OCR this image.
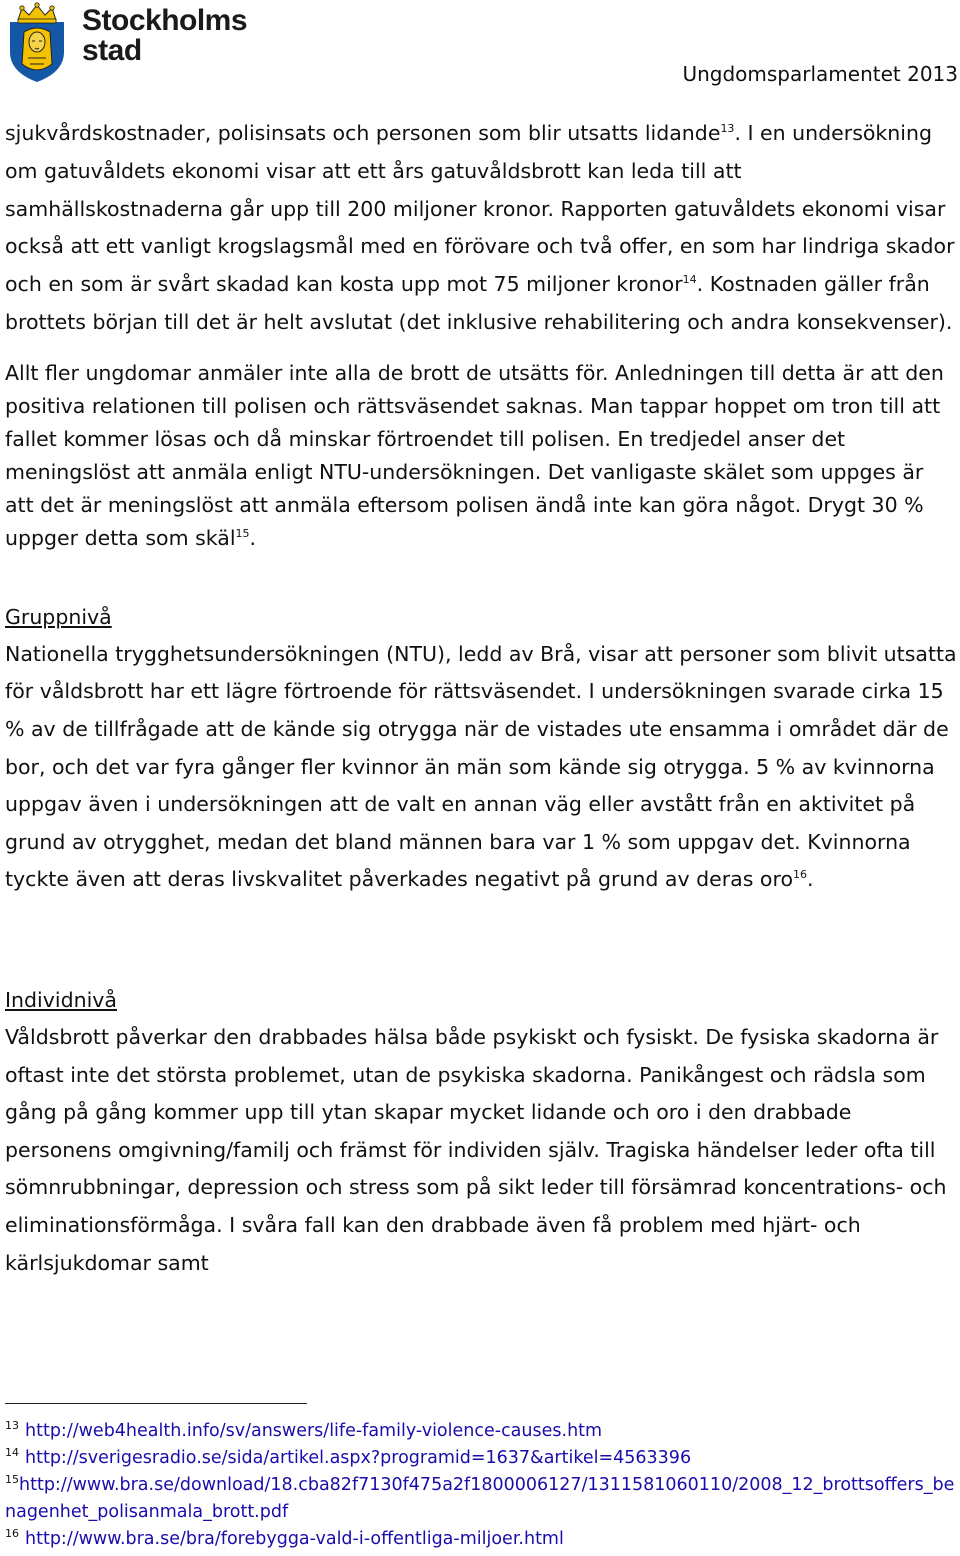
Stockholms
stad
Ungdomsparlamentet 2013

sjukvårdskostnader, polisinsats och personen som blir utsatts lidande$^{13}$. I en undersökning om gatuvåldets ekonomi visar att ett års gatuvåldsbrott kan leda till att samhällskostnaderna går upp till 200 miljoner kronor. Rapporten gatuvåldets ekonomi visar också att ett vanligt krogslagsmål med en förövare och två offer, en som har lindriga skador och en som är svårt skadad kan kosta upp mot 75 miljoner kronor$^{14}$. Kostnaden gäller från brottets början till det är helt avslutat (det inklusive rehabilitering och andra konsekvenser).

Allt fler ungdomar anmäler inte alla de brott de utsätts för. Anledningen till detta är att den positiva relationen till polisen och rättsväsendet saknas. Man tappar hoppet om tron till att fallet kommer lösas och då minskar förtroendet till polisen. En tredjedel anser det meningslöst att anmäla enligt NTU-undersökningen. Det vanligaste skälet som uppges är att det är meningslöst att anmäla eftersom polisen ändå inte kan göra något. Drygt 30 % uppger detta som skäl$^{15}$.

Gruppnivå

Nationella trygghetsundersökningen (NTU), ledd av Brå, visar att personer som blivit utsatta för våldsbrott har ett lägre förtroende för rättsväsendet. I undersökningen svarade cirka 15 % av de tillfrågade att de kände sig otrygga när de vistades ute ensamma i området där de bor, och det var fyra gånger fler kvinnor än män som kände sig otrygga. 5 % av kvinnorna uppgav även i undersökningen att de valt en annan väg eller avstått från en aktivitet på grund av otrygghet, medan det bland männen bara var 1 % som uppgav det. Kvinnorna tyckte även att deras livskvalitet påverkades negativt på grund av deras oro$^{16}$.

Individnivå

Våldsbrott påverkar den drabbades hälsa både psykiskt och fysiskt. De fysiska skadorna är oftast inte det största problemet, utan de psykiska skadorna. Panikångest och rädsla som gång på gång kommer upp till ytan skapar mycket lidande och oro i den drabbade personens omgivning/familj och främst för individen själv. Tragiska händelser leder ofta till sömnrubbningar, depression och stress som på sikt leder till försämrad koncentrations- och eliminationsförmåga. I svåra fall kan den drabbade även få problem med hjärt- och kärlsjukdomar samt

$^{13}$ http://web4health.info/sv/answers/life-family-violence-causes.htm

$^{14}$ http://sverigesradio.se/sida/artikel.aspx?programid=1637&artikel=4563396

$^{15}$http://www.bra.se/download/18.cba82f7130f475a2f1800006127/1311581060110/2008_12_brottsoffers_benagenhet_polisanmala_brott.pdf

$^{16}$ http://www.bra.se/bra/forebygga-vald-i-offentliga-miljoer.html
